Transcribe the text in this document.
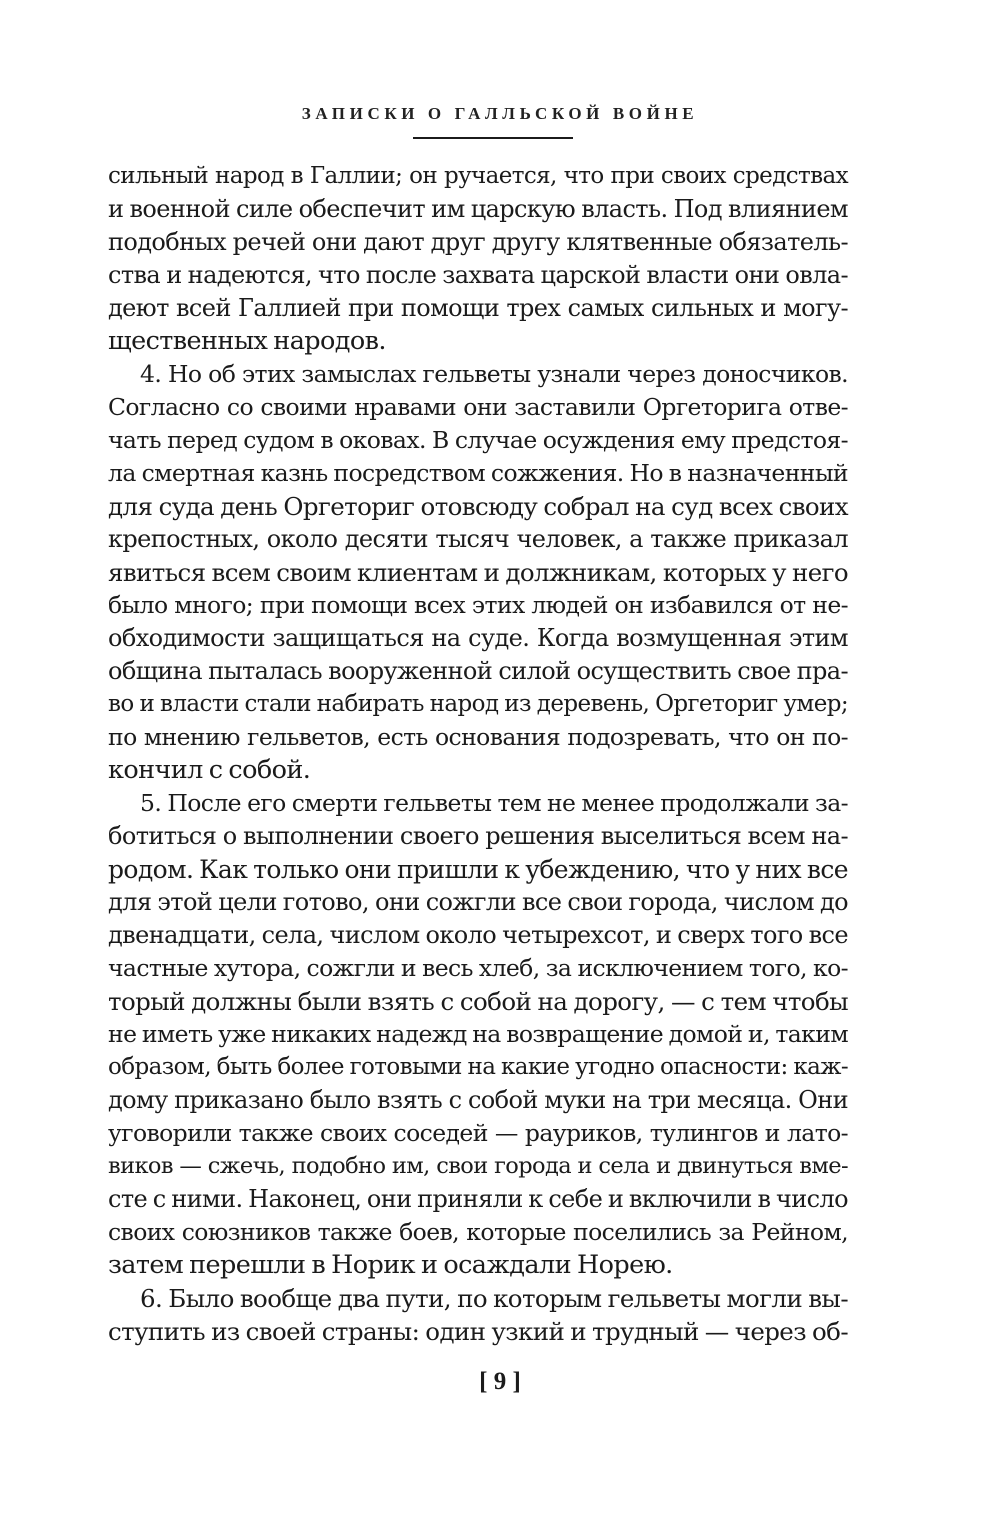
ЗАПИСКИ О ГАЛЛЬСКОЙ ВОЙНЕ
сильный народ в Галлии; он ручается, что при своих средствах
и военной силе обеспечит им царскую власть. Под влиянием
подобных речей они дают друг другу клятвенные обязатель-
ства и надеются, что после захвата царской власти они овла-
деют всей Галлией при помощи трех самых сильных и могу-
щественных народов.
4. Но об этих замыслах гельветы узнали через доносчиков.
Согласно со своими нравами они заставили Оргеторига отве-
чать перед судом в оковах. В случае осуждения ему предстоя-
ла смертная казнь посредством сожжения. Но в назначенный
для суда день Оргеториг отовсюду собрал на суд всех своих
крепостных, около десяти тысяч человек, а также приказал
явиться всем своим клиентам и должникам, которых у него
было много; при помощи всех этих людей он избавился от не-
обходимости защищаться на суде. Когда возмущенная этим
община пыталась вооруженной силой осуществить свое пра-
во и власти стали набирать народ из деревень, Оргеториг умер;
по мнению гельветов, есть основания подозревать, что он по-
кончил с собой.
5. После его смерти гельветы тем не менее продолжали за-
ботиться о выполнении своего решения выселиться всем на-
родом. Как только они пришли к убеждению, что у них все
для этой цели готово, они сожгли все свои города, числом до
двенадцати, села, числом около четырехсот, и сверх того все
частные хутора, сожгли и весь хлеб, за исключением того, ко-
торый должны были взять с собой на дорогу, — с тем чтобы
не иметь уже никаких надежд на возвращение домой и, таким
образом, быть более готовыми на какие угодно опасности: каж-
дому приказано было взять с собой муки на три месяца. Они
уговорили также своих соседей — рауриков, тулингов и лато-
виков — сжечь, подобно им, свои города и села и двинуться вме-
сте с ними. Наконец, они приняли к себе и включили в число
своих союзников также боев, которые поселились за Рейном,
затем перешли в Норик и осаждали Норею.
6. Было вообще два пути, по которым гельветы могли вы-
ступить из своей страны: один узкий и трудный — через об-
[ 9 ]
